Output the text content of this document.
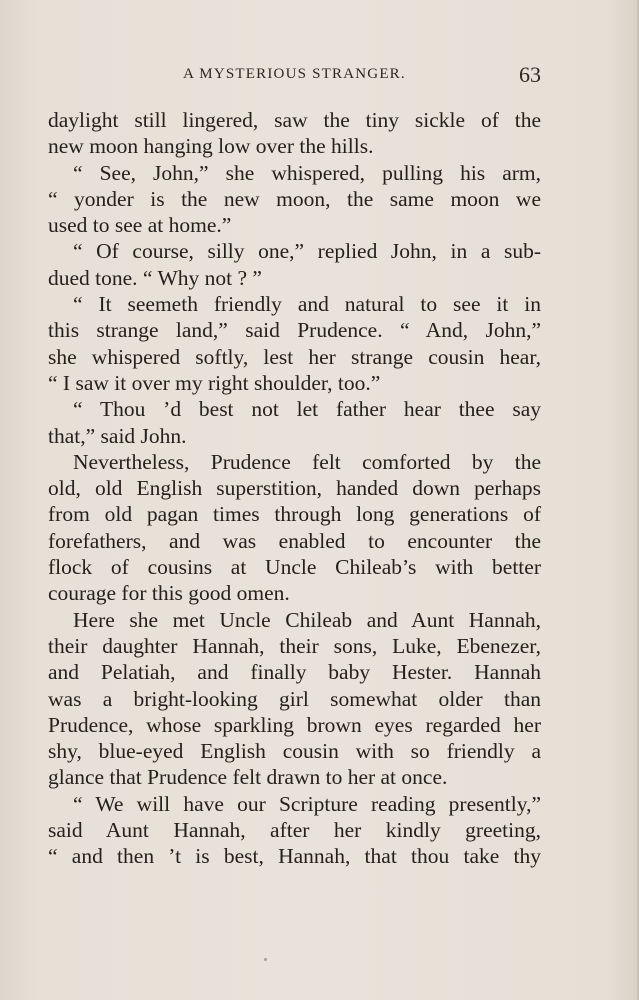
A MYSTERIOUS STRANGER.	63
daylight still lingered, saw the tiny sickle of the
new moon hanging low over the hills.
“ See, John,” she whispered, pulling his arm,
“ yonder is the new moon, the same moon we
used to see at home.”
“ Of course, silly one,” replied John, in a sub-
dued tone. “ Why not ? ”
“ It seemeth friendly and natural to see it in
this strange land,” said Prudence. “ And, John,”
she whispered softly, lest her strange cousin hear,
“ I saw it over my right shoulder, too.”
“ Thou ’d best not let father hear thee say
that,” said John.
Nevertheless, Prudence felt comforted by the
old, old English superstition, handed down perhaps
from old pagan times through long generations of
forefathers, and was enabled to encounter the
flock of cousins at Uncle Chileab’s with better
courage for this good omen.
Here she met Uncle Chileab and Aunt Hannah,
their daughter Hannah, their sons, Luke, Ebenezer,
and Pelatiah, and finally baby Hester. Hannah
was a bright-looking girl somewhat older than
Prudence, whose sparkling brown eyes regarded her
shy, blue-eyed English cousin with so friendly a
glance that Prudence felt drawn to her at once.
“ We will have our Scripture reading presently,”
said Aunt Hannah, after her kindly greeting,
“ and then ’t is best, Hannah, that thou take thy
